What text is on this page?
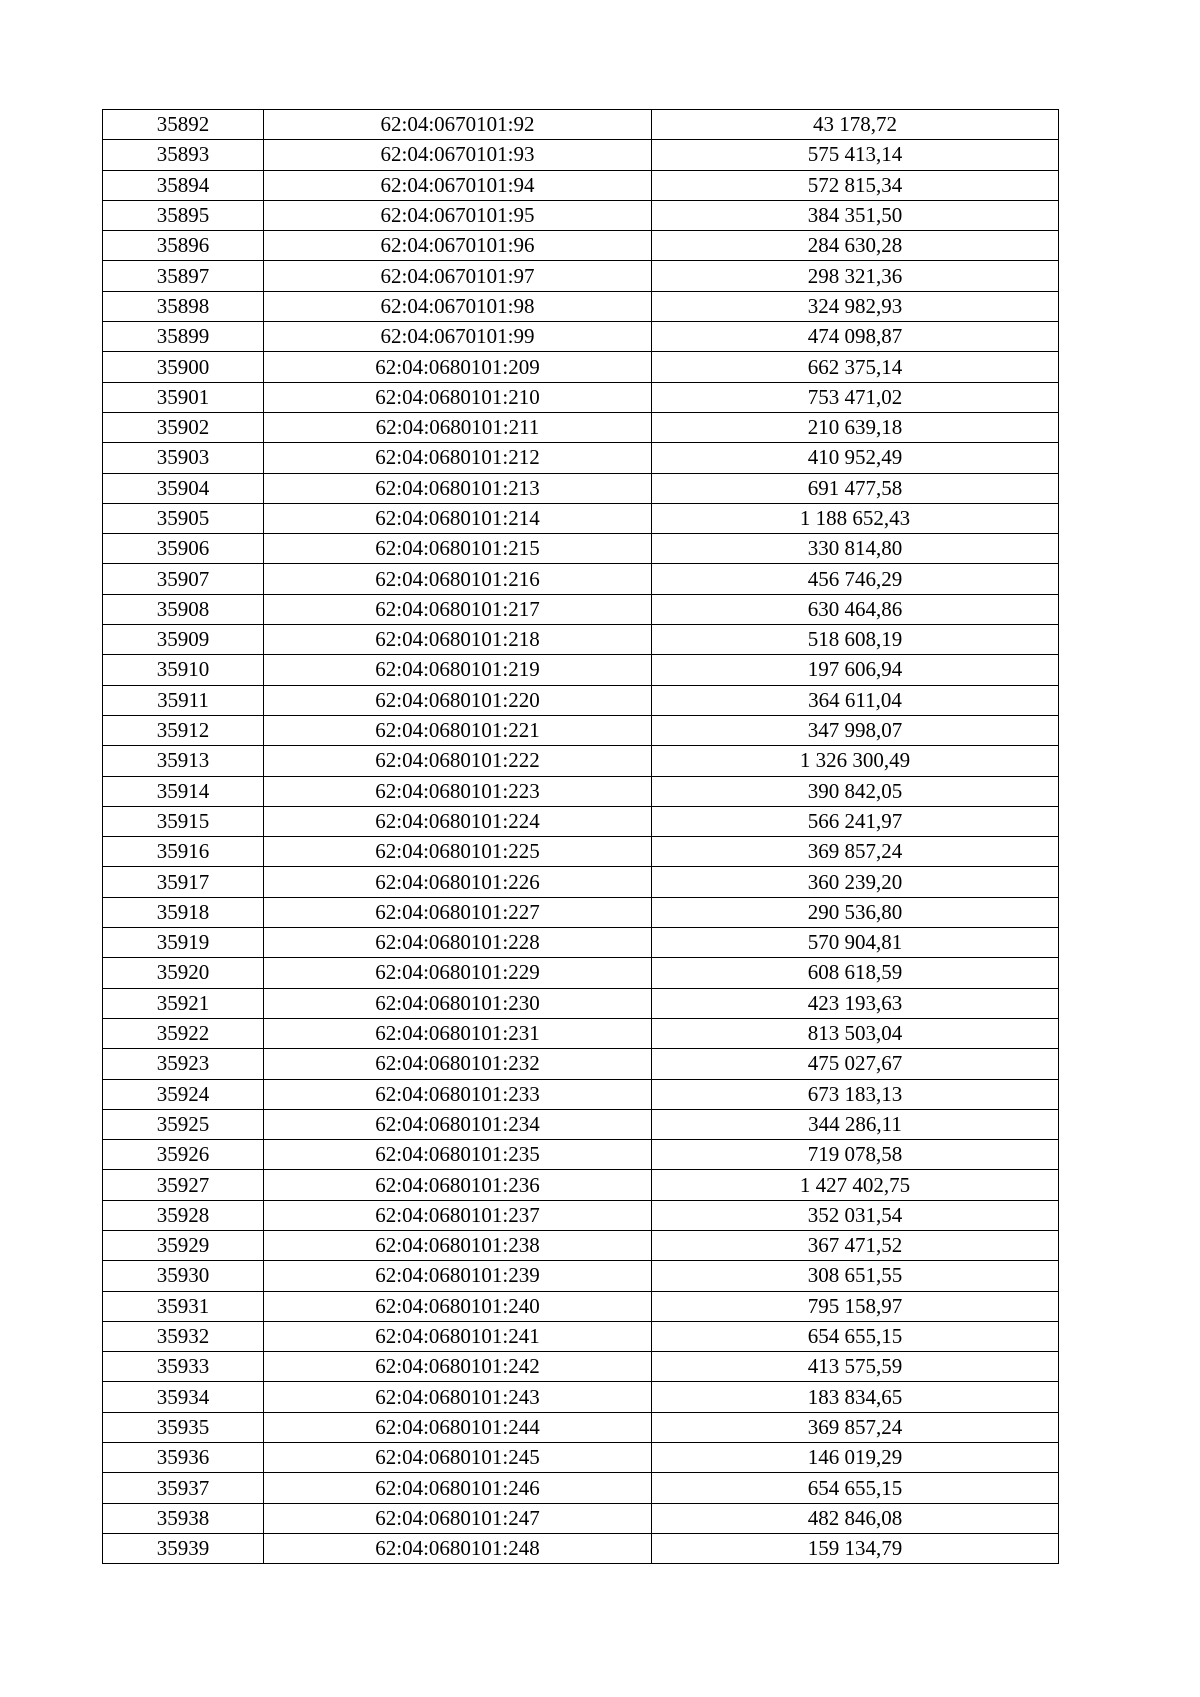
35892	62:04:0670101:92	43 178,72
35893	62:04:0670101:93	575 413,14
35894	62:04:0670101:94	572 815,34
35895	62:04:0670101:95	384 351,50
35896	62:04:0670101:96	284 630,28
35897	62:04:0670101:97	298 321,36
35898	62:04:0670101:98	324 982,93
35899	62:04:0670101:99	474 098,87
35900	62:04:0680101:209	662 375,14
35901	62:04:0680101:210	753 471,02
35902	62:04:0680101:211	210 639,18
35903	62:04:0680101:212	410 952,49
35904	62:04:0680101:213	691 477,58
35905	62:04:0680101:214	1 188 652,43
35906	62:04:0680101:215	330 814,80
35907	62:04:0680101:216	456 746,29
35908	62:04:0680101:217	630 464,86
35909	62:04:0680101:218	518 608,19
35910	62:04:0680101:219	197 606,94
35911	62:04:0680101:220	364 611,04
35912	62:04:0680101:221	347 998,07
35913	62:04:0680101:222	1 326 300,49
35914	62:04:0680101:223	390 842,05
35915	62:04:0680101:224	566 241,97
35916	62:04:0680101:225	369 857,24
35917	62:04:0680101:226	360 239,20
35918	62:04:0680101:227	290 536,80
35919	62:04:0680101:228	570 904,81
35920	62:04:0680101:229	608 618,59
35921	62:04:0680101:230	423 193,63
35922	62:04:0680101:231	813 503,04
35923	62:04:0680101:232	475 027,67
35924	62:04:0680101:233	673 183,13
35925	62:04:0680101:234	344 286,11
35926	62:04:0680101:235	719 078,58
35927	62:04:0680101:236	1 427 402,75
35928	62:04:0680101:237	352 031,54
35929	62:04:0680101:238	367 471,52
35930	62:04:0680101:239	308 651,55
35931	62:04:0680101:240	795 158,97
35932	62:04:0680101:241	654 655,15
35933	62:04:0680101:242	413 575,59
35934	62:04:0680101:243	183 834,65
35935	62:04:0680101:244	369 857,24
35936	62:04:0680101:245	146 019,29
35937	62:04:0680101:246	654 655,15
35938	62:04:0680101:247	482 846,08
35939	62:04:0680101:248	159 134,79
